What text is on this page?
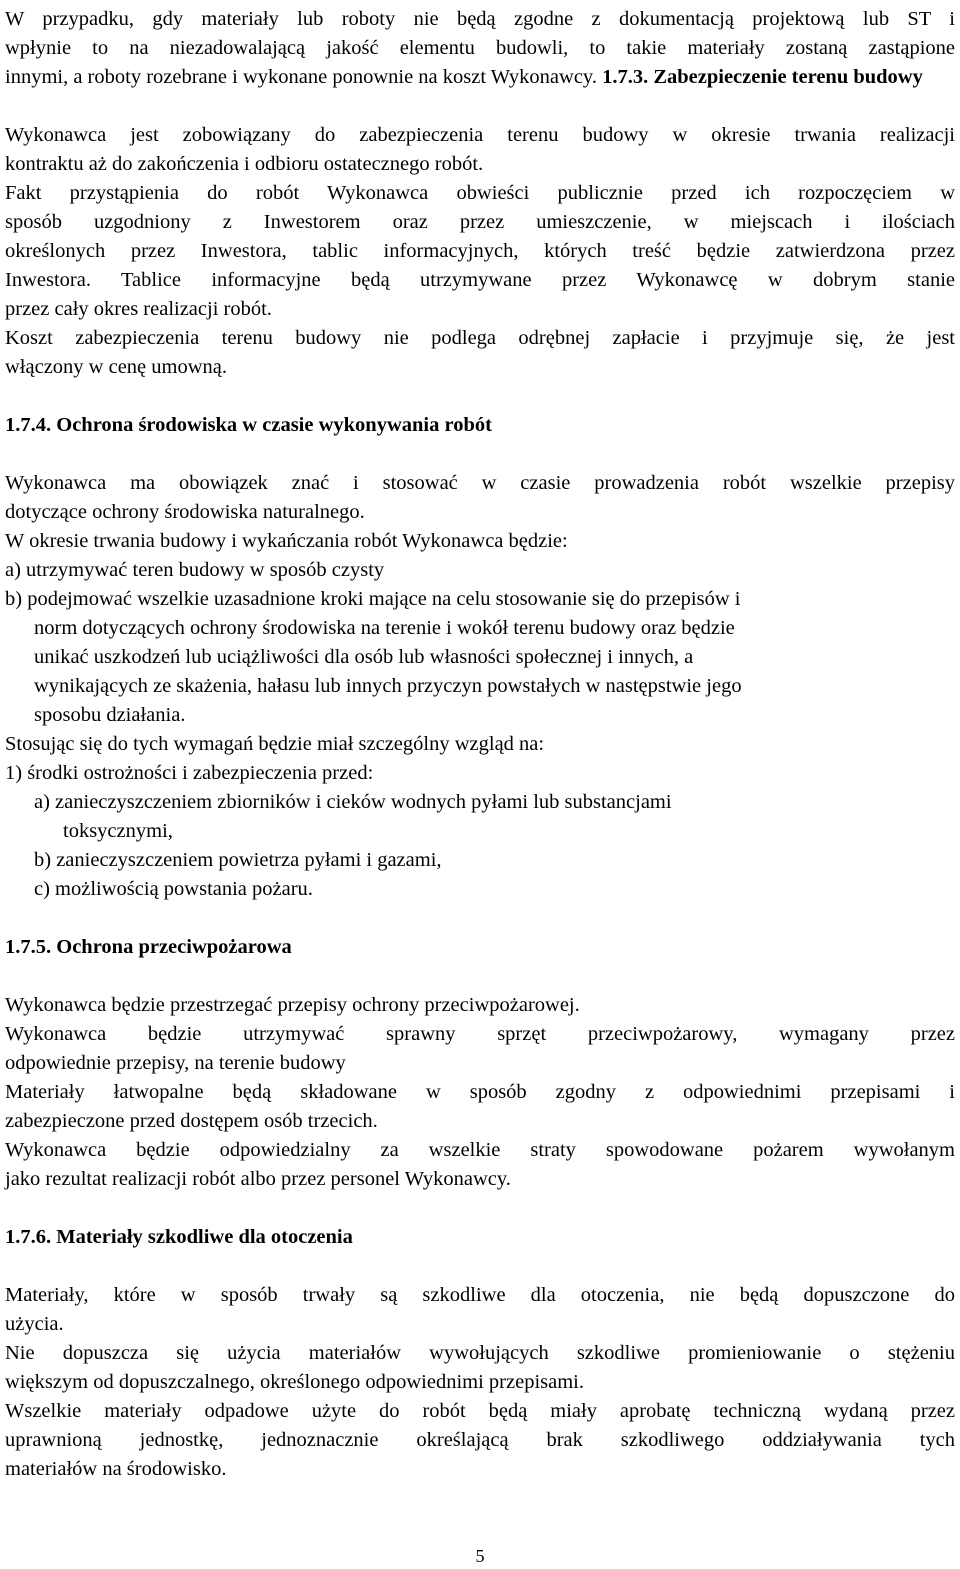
W przypadku, gdy materiały lub roboty nie będą zgodne z dokumentacją projektową lub ST i

wpłynie to na niezadowalającą jakość elementu budowli, to takie materiały zostaną zastąpione

innymi, a roboty rozebrane i wykonane ponownie na koszt Wykonawcy. 1.7.3. Zabezpieczenie terenu budowy

Wykonawca jest zobowiązany do zabezpieczenia terenu budowy w okresie trwania realizacji

kontraktu aż do zakończenia i odbioru ostatecznego robót.

Fakt przystąpienia do robót Wykonawca obwieści publicznie przed ich rozpoczęciem w

sposób uzgodniony z Inwestorem oraz przez umieszczenie, w miejscach i ilościach

określonych przez Inwestora, tablic informacyjnych, których treść będzie zatwierdzona przez

Inwestora. Tablice informacyjne będą utrzymywane przez Wykonawcę w dobrym stanie

przez cały okres realizacji robót.

Koszt zabezpieczenia terenu budowy nie podlega odrębnej zapłacie i przyjmuje się, że jest

włączony w cenę umowną.

1.7.4. Ochrona środowiska w czasie wykonywania robót

Wykonawca ma obowiązek znać i stosować w czasie prowadzenia robót wszelkie przepisy

dotyczące ochrony środowiska naturalnego.

W okresie trwania budowy i wykańczania robót Wykonawca będzie:

a) utrzymywać teren budowy w sposób czysty

b) podejmować wszelkie uzasadnione kroki mające na celu stosowanie się do przepisów i

norm dotyczących ochrony środowiska na terenie i wokół terenu budowy oraz będzie

unikać uszkodzeń lub uciążliwości dla osób lub własności społecznej i innych, a

wynikających ze skażenia, hałasu lub innych przyczyn powstałych w następstwie jego

sposobu działania.

Stosując się do tych wymagań będzie miał szczególny wzgląd na:

1) środki ostrożności i zabezpieczenia przed:

a) zanieczyszczeniem zbiorników i cieków wodnych pyłami lub substancjami

toksycznymi,

b) zanieczyszczeniem powietrza pyłami i gazami,

c) możliwością powstania pożaru.

1.7.5. Ochrona przeciwpożarowa

Wykonawca będzie przestrzegać przepisy ochrony przeciwpożarowej.

Wykonawca będzie utrzymywać sprawny sprzęt przeciwpożarowy, wymagany przez

odpowiednie przepisy, na terenie budowy

Materiały łatwopalne będą składowane w sposób zgodny z odpowiednimi przepisami i

zabezpieczone przed dostępem osób trzecich.

Wykonawca będzie odpowiedzialny za wszelkie straty spowodowane pożarem wywołanym

jako rezultat realizacji robót albo przez personel Wykonawcy.

1.7.6. Materiały szkodliwe dla otoczenia

Materiały, które w sposób trwały są szkodliwe dla otoczenia, nie będą dopuszczone do

użycia.

Nie dopuszcza się użycia materiałów wywołujących szkodliwe promieniowanie o stężeniu

większym od dopuszczalnego, określonego odpowiednimi przepisami.

Wszelkie materiały odpadowe użyte do robót będą miały aprobatę techniczną wydaną przez

uprawnioną jednostkę, jednoznacznie określającą brak szkodliwego oddziaływania tych

materiałów na środowisko.

5
